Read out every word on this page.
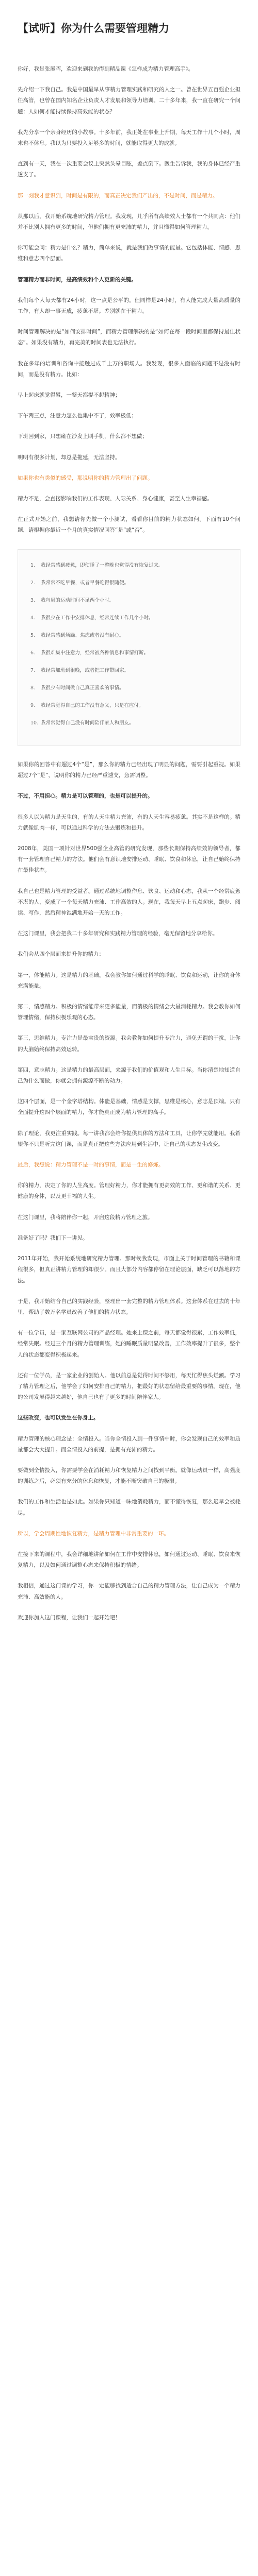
【试听】你为什么需要管理精力

你好，我是张展晖，欢迎来到我的得到精品课《怎样成为精力管理高手》。

先介绍一下我自己。我是中国最早从事精力管理实践和研究的人之一。曾在世界五百强企业担任高管，也曾在国内知名企业负责人才发展和领导力培训。二十多年来，我一直在研究一个问题：人如何才能持续保持高效能的状态？

我先分享一个亲身经历的小故事。十多年前，我正处在事业上升期，每天工作十几个小时，周末也不休息。我以为只要投入足够多的时间，就能取得更大的成就。

直到有一天，我在一次重要会议上突然头晕目眩，差点倒下。医生告诉我，我的身体已经严重透支了。

那一刻我才意识到，时间是有限的，而真正决定我们产出的，不是时间，而是精力。

从那以后，我开始系统地研究精力管理。我发现，几乎所有高绩效人士都有一个共同点：他们并不比别人拥有更多的时间，但他们拥有更充沛的精力，并且懂得如何管理精力。

你可能会问：精力是什么？精力，简单来说，就是我们做事情的能量。它包括体能、情感、思维和意志四个层面。

管理精力而非时间，是高绩效和个人更新的关键。

我们每个人每天都有24小时，这一点是公平的。但同样是24小时，有人能完成大量高质量的工作，有人却一事无成，疲惫不堪。差别就在于精力。

时间管理解决的是“如何安排时间”，而精力管理解决的是“如何在每一段时间里都保持最佳状态”。如果没有精力，再完美的时间表也无法执行。

我在多年的培训和咨询中接触过成千上万的职场人。我发现，很多人面临的问题不是没有时间，而是没有精力。比如：

早上起床就觉得累，一整天都提不起精神；

下午两三点，注意力怎么也集中不了，效率极低；

下班回到家，只想瘫在沙发上刷手机，什么都不想做；

明明有很多计划，却总是拖延，无法坚持。

如果你也有类似的感受，那说明你的精力管理出了问题。

精力不足，会直接影响我们的工作表现、人际关系、身心健康，甚至人生幸福感。

在正式开始之前，我想请你先做一个小测试，看看你目前的精力状态如何。下面有10个问题，请根据你最近一个月的真实情况回答“是”或“否”。

1. 我经常感到疲惫，即使睡了一整晚也觉得没有恢复过来。
2. 我常常不吃早餐，或者早餐吃得很随便。
3. 我每周的运动时间不足两个小时。
4. 我很少在工作中安排休息，经常连续工作几个小时。
5. 我经常感到烦躁、焦虑或者没有耐心。
6. 我很难集中注意力，经常被各种消息和事情打断。
7. 我经常加班到很晚，或者把工作带回家。
8. 我很少有时间做自己真正喜欢的事情。
9. 我经常觉得自己的工作没有意义，只是在应付。
10. 我常常觉得自己没有时间陪伴家人和朋友。

如果你的回答中有超过4个“是”，那么你的精力已经出现了明显的问题，需要引起重视。如果超过7个“是”，说明你的精力已经严重透支，急需调整。

不过，不用担心。精力是可以管理的，也是可以提升的。

很多人以为精力是天生的，有的人天生精力充沛，有的人天生容易疲惫。其实不是这样的。精力就像肌肉一样，可以通过科学的方法去锻炼和提升。

2008年，美国一项针对世界500强企业高管的研究发现，那些长期保持高绩效的领导者，都有一套管理自己精力的方法。他们会有意识地安排运动、睡眠、饮食和休息，让自己始终保持在最佳状态。

我自己也是精力管理的受益者。通过系统地调整作息、饮食、运动和心态，我从一个经常疲惫不堪的人，变成了一个每天精力充沛、工作高效的人。现在，我每天早上五点起床，跑步、阅读、写作，然后精神饱满地开始一天的工作。

在这门课里，我会把我二十多年研究和实践精力管理的经验，毫无保留地分享给你。

我们会从四个层面来提升你的精力：

第一，体能精力。这是精力的基础。我会教你如何通过科学的睡眠、饮食和运动，让你的身体充满能量。

第二，情感精力。积极的情绪能带来更多能量，而消极的情绪会大量消耗精力。我会教你如何管理情绪，保持积极乐观的心态。

第三，思维精力。专注力是最宝贵的资源。我会教你如何提升专注力，避免无谓的干扰，让你的大脑始终保持高效运转。

第四，意志精力。这是精力的最高层面，来源于我们的价值观和人生目标。当你清楚地知道自己为什么而做，你就会拥有源源不断的动力。

这四个层面，是一个金字塔结构。体能是基础，情感是支撑，思维是核心，意志是顶端。只有全面提升这四个层面的精力，你才能真正成为精力管理的高手。

除了理论，我更注重实践。每一讲我都会给你提供具体的方法和工具，让你学完就能用。我希望你不只是听完这门课，而是真正把这些方法应用到生活中，让自己的状态发生改变。

最后，我想说：精力管理不是一时的事情，而是一生的修炼。

你的精力，决定了你的人生高度。管理好精力，你才能拥有更高效的工作、更和谐的关系、更健康的身体，以及更幸福的人生。

在这门课里，我将陪伴你一起，开启这段精力管理之旅。

准备好了吗？我们下一讲见。

2011年开始，我开始系统地研究精力管理。那时候我发现，市面上关于时间管理的书籍和课程很多，但真正讲精力管理的却很少。而且大部分内容都停留在理论层面，缺乏可以落地的方法。

于是，我开始结合自己的实践经验，整理出一套完整的精力管理体系。这套体系在过去的十年里，帮助了数万名学员改善了他们的精力状态。

有一位学员，是一家互联网公司的产品经理。她来上课之前，每天都觉得很累，工作效率低，经常失眠。经过三个月的精力管理训练，她的睡眠质量明显改善，工作效率提升了很多，整个人的状态都变得积极起来。

还有一位学员，是一家企业的创始人。他以前总是觉得时间不够用，每天忙得焦头烂额。学习了精力管理之后，他学会了如何安排自己的精力，把最好的状态留给最重要的事情。现在，他的公司发展得越来越好，他自己也有了更多的时间陪伴家人。

这些改变，也可以发生在你身上。

精力管理的核心理念是：全情投入。当你全情投入到一件事情中时，你会发现自己的效率和质量都会大大提升。而全情投入的前提，是拥有充沛的精力。

要做到全情投入，你需要学会在消耗精力和恢复精力之间找到平衡。就像运动员一样，高强度的训练之后，必须有充分的休息和恢复，才能不断突破自己的极限。

我们的工作和生活也是如此。如果你只知道一味地消耗精力，而不懂得恢复，那么迟早会被耗尽。

所以，学会周期性地恢复精力，是精力管理中非常重要的一环。

在接下来的课程中，我会详细地讲解如何在工作中安排休息，如何通过运动、睡眠、饮食来恢复精力，以及如何通过调整心态来保持积极的情绪。

我相信，通过这门课的学习，你一定能够找到适合自己的精力管理方法，让自己成为一个精力充沛、高效能的人。

欢迎你加入这门课程，让我们一起开始吧！
